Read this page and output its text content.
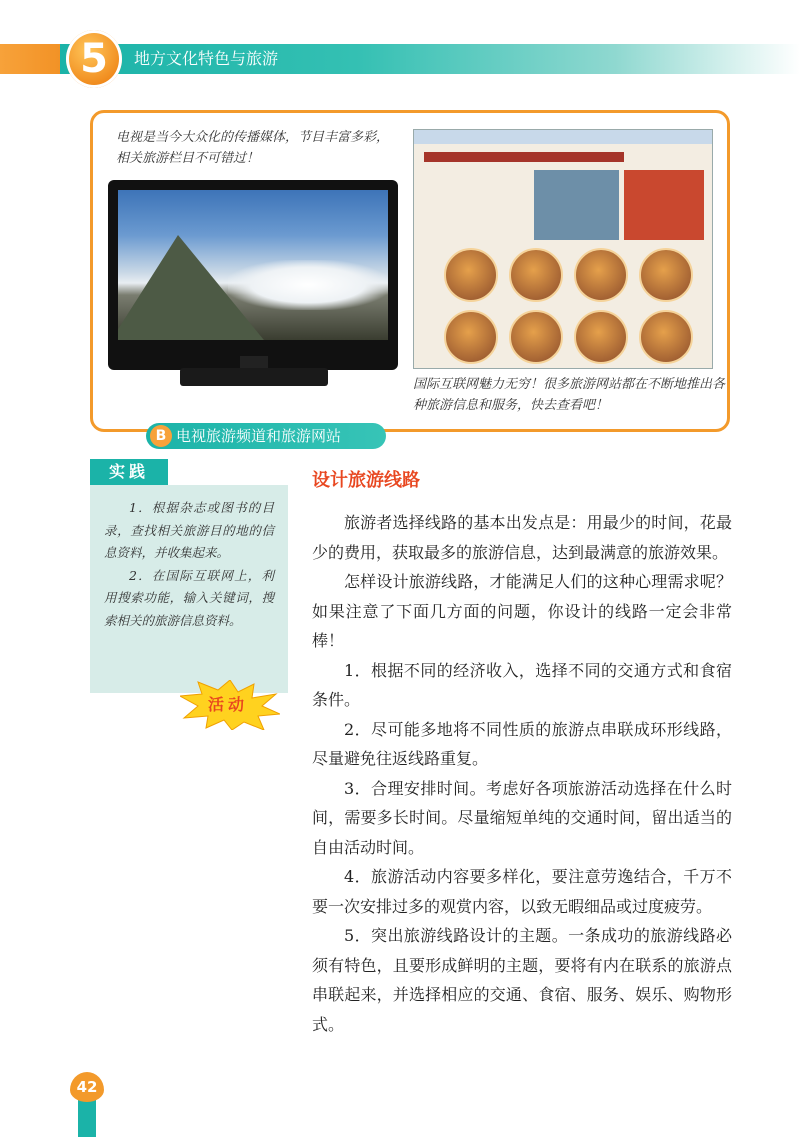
5	地方文化特色与旅游
电视是当今大众化的传播媒体，节目丰富多彩，相关旅游栏目不可错过！
国际互联网魅力无穷！很多旅游网站都在不断地推出各种旅游信息和服务，快去查看吧！
B 电视旅游频道和旅游网站
实践

1．根据杂志或图书的目录，查找相关旅游目的地的信息资料，并收集起来。

2．在国际互联网上，利用搜索功能，输入关键词，搜索相关的旅游信息资料。

活动
设计旅游线路

旅游者选择线路的基本出发点是：用最少的时间，花最少的费用，获取最多的旅游信息，达到最满意的旅游效果。

怎样设计旅游线路，才能满足人们的这种心理需求呢？如果注意了下面几方面的问题，你设计的线路一定会非常棒！

1．根据不同的经济收入，选择不同的交通方式和食宿条件。

2．尽可能多地将不同性质的旅游点串联成环形线路，尽量避免往返线路重复。

3．合理安排时间。考虑好各项旅游活动选择在什么时间，需要多长时间。尽量缩短单纯的交通时间，留出适当的自由活动时间。

4．旅游活动内容要多样化，要注意劳逸结合，千万不要一次安排过多的观赏内容，以致无暇细品或过度疲劳。

5．突出旅游线路设计的主题。一条成功的旅游线路必须有特色，且要形成鲜明的主题，要将有内在联系的旅游点串联起来，并选择相应的交通、食宿、服务、娱乐、购物形式。

42
